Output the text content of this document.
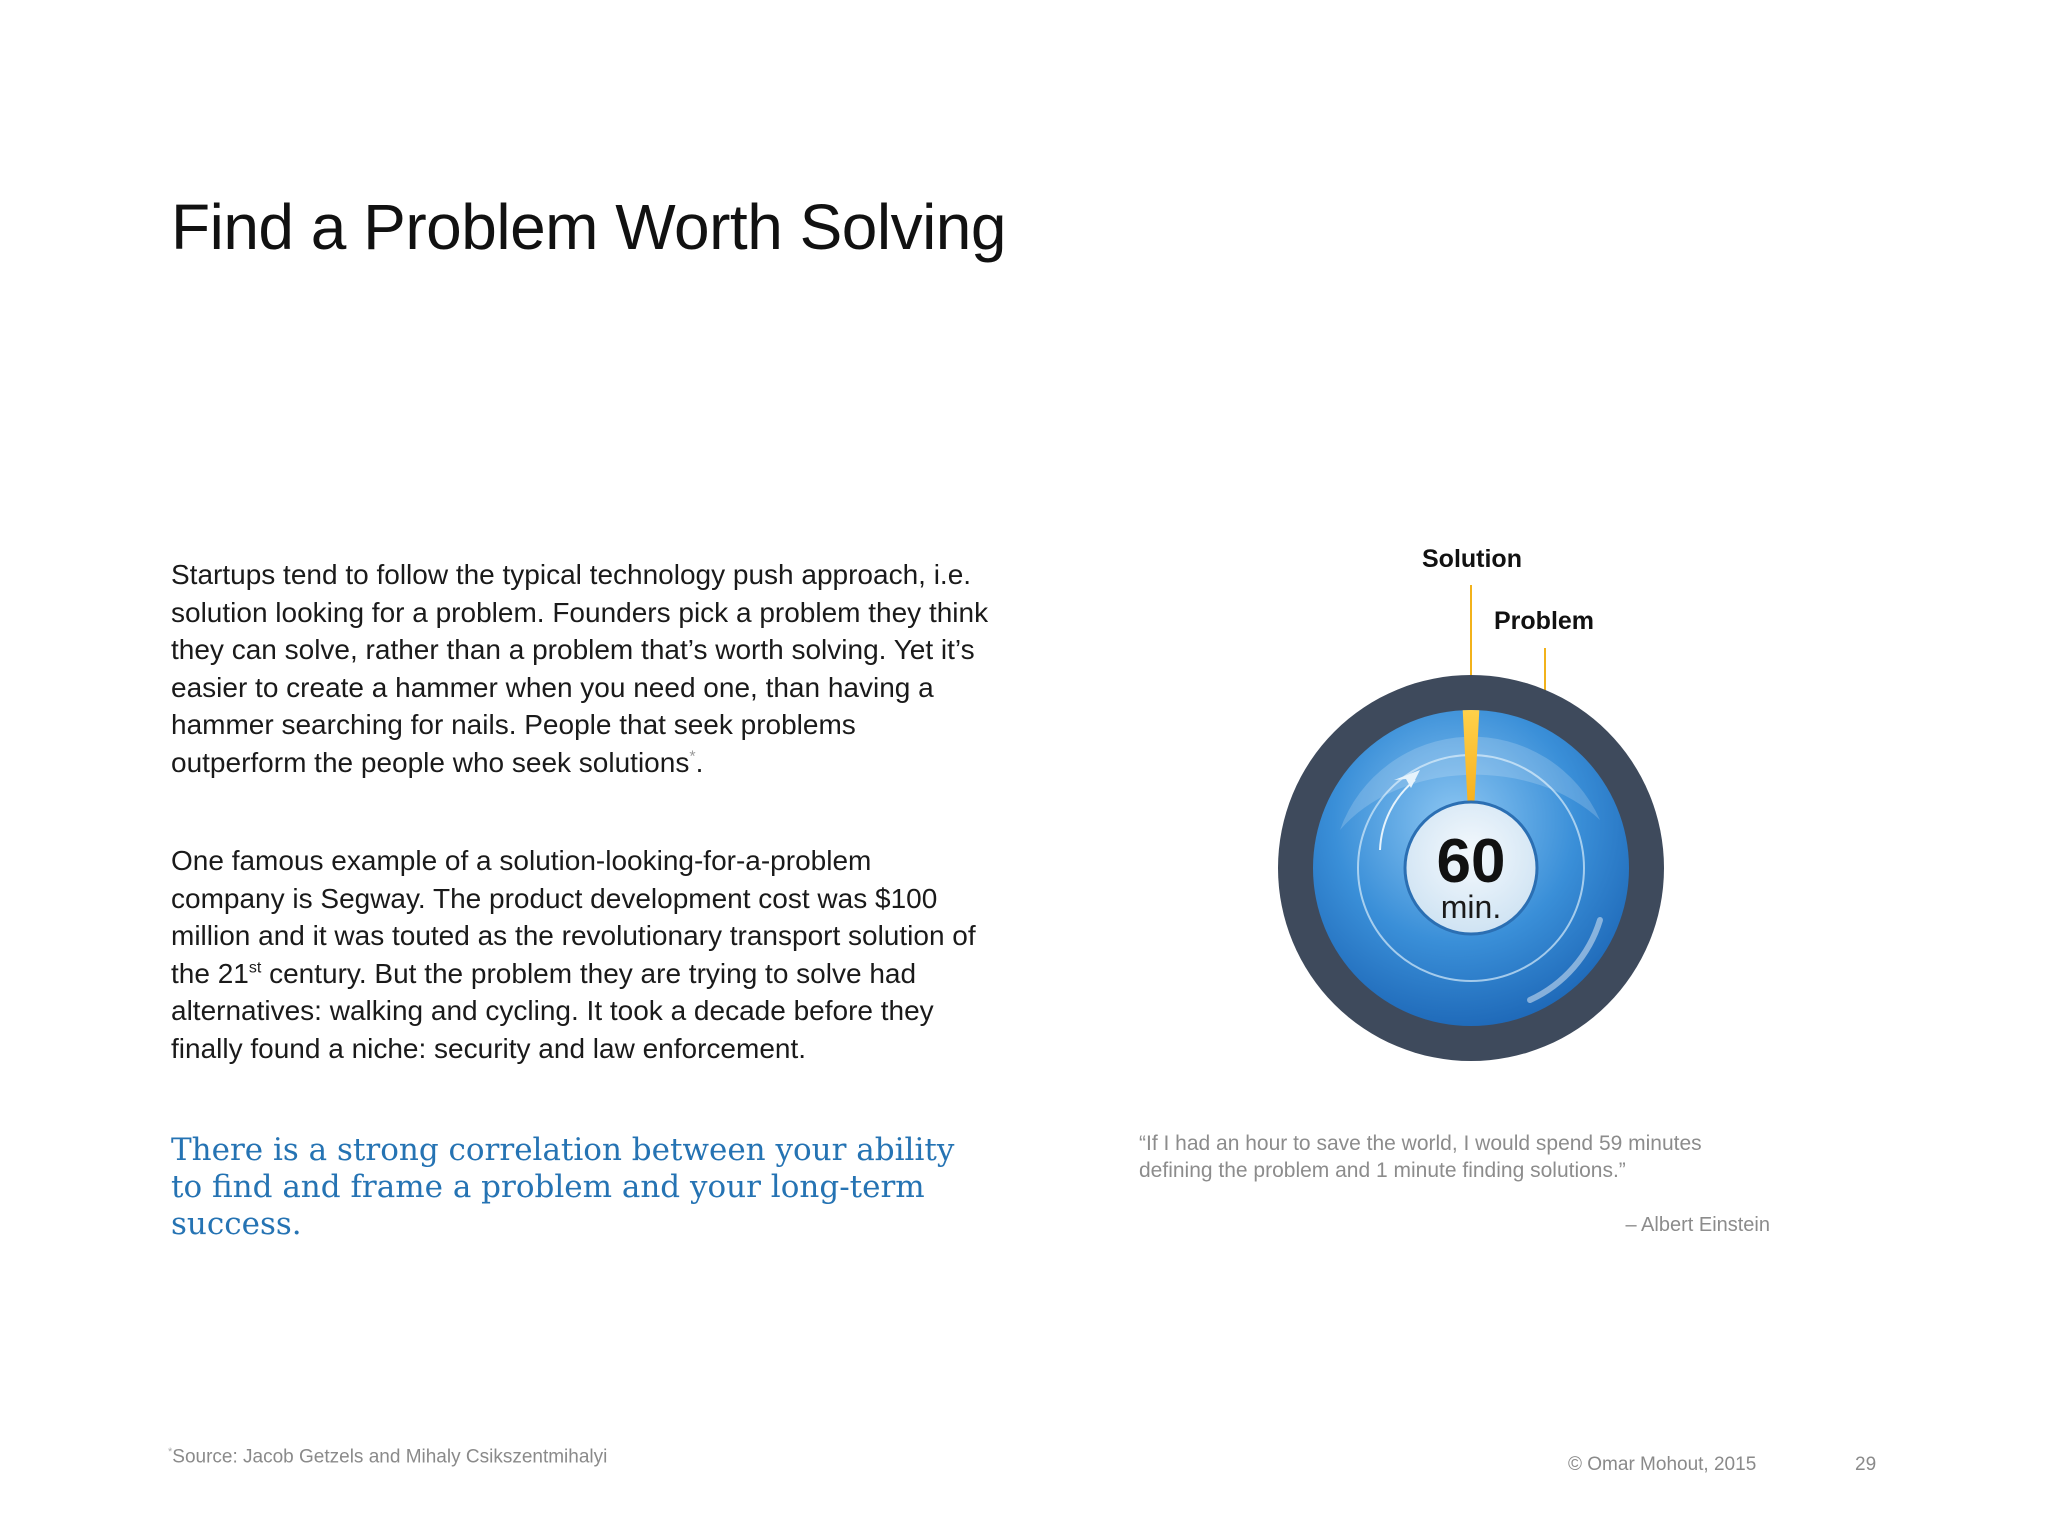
Find a Problem Worth Solving

Startups tend to follow the typical technology push approach, i.e. solution looking for a problem. Founders pick a problem they think they can solve, rather than a problem that’s worth solving. Yet it’s easier to create a hammer when you need one, than having a hammer searching for nails. People that seek problems outperform the people who seek solutions*.

One famous example of a solution-looking-for-a-problem company is Segway. The product development cost was $100 million and it was touted as the revolutionary transport solution of the 21st century. But the problem they are trying to solve had alternatives: walking and cycling. It took a decade before they finally found a niche: security and law enforcement.

There is a strong correlation between your ability to find and frame a problem and your long-term success.

60
min.
Solution
Problem

“If I had an hour to save the world, I would spend 59 minutes defining the problem and 1 minute finding solutions.”

– Albert Einstein

*Source: Jacob Getzels and Mihaly Csikszentmihalyi	© Omar Mohout, 2015	29
